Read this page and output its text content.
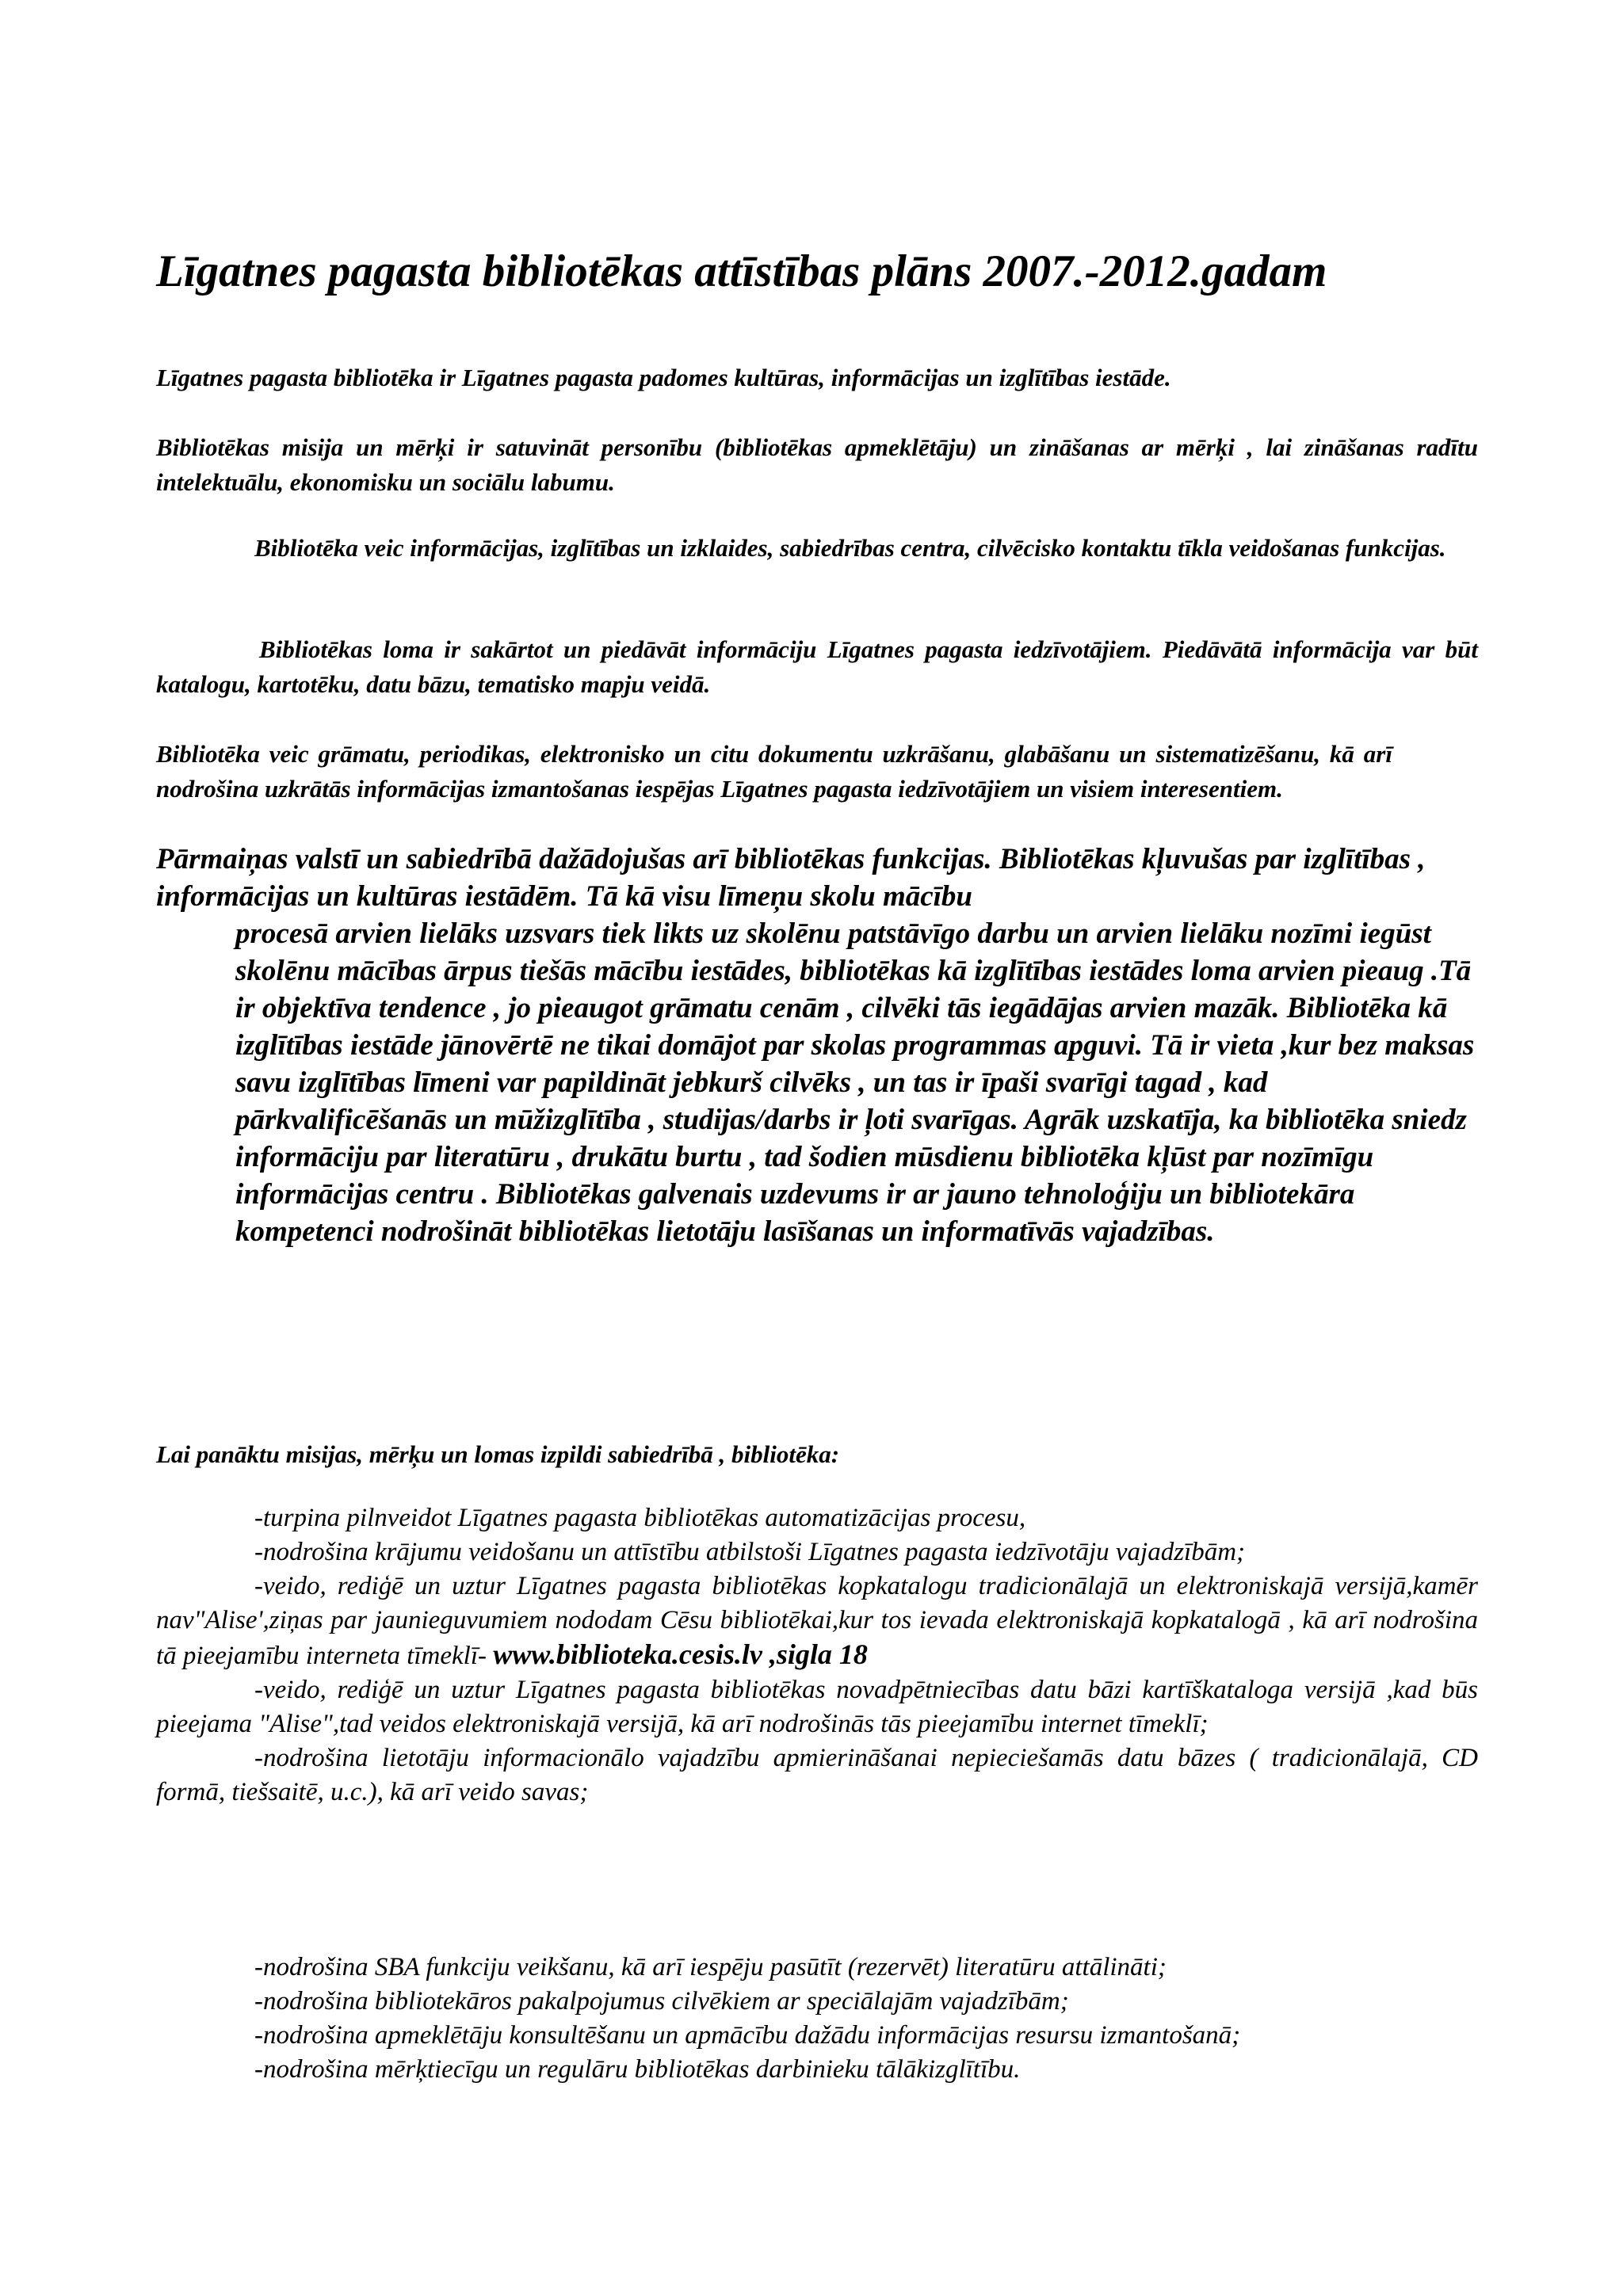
Līgatnes pagasta bibliotēkas attīstības plāns 2007.-2012.gadam
Līgatnes pagasta bibliotēka ir Līgatnes pagasta padomes kultūras, informācijas un izglītības iestāde.
Bibliotēkas misija un mērķi ir satuvināt personību (bibliotēkas apmeklētāju) un zināšanas ar mērķi , lai zināšanas radītu intelektuālu, ekonomisku un sociālu labumu.
Bibliotēka veic informācijas, izglītības un izklaides, sabiedrības centra, cilvēcisko kontaktu tīkla veidošanas funkcijas.
Bibliotēkas loma ir sakārtot un piedāvāt informāciju Līgatnes pagasta iedzīvotājiem. Piedāvātā informācija var būt katalogu, kartotēku, datu bāzu, tematisko mapju veidā.
Bibliotēka veic grāmatu, periodikas, elektronisko un citu dokumentu uzkrāšanu, glabāšanu un sistematizēšanu, kā arī nodrošina uzkrātās informācijas izmantošanas iespējas Līgatnes pagasta iedzīvotājiem un visiem interesentiem.
Pārmaiņas valstī un sabiedrībā dažādojušas arī bibliotēkas funkcijas. Bibliotēkas kļuvušas par izglītības , informācijas un kultūras iestādēm. Tā kā visu līmeņu skolu mācību
procesā arvien lielāks uzsvars tiek likts uz skolēnu patstāvīgo darbu un arvien lielāku nozīmi iegūst skolēnu mācības ārpus tiešās mācību iestādes, bibliotēkas kā izglītības iestādes loma arvien pieaug .Tā ir objektīva tendence , jo pieaugot grāmatu cenām , cilvēki tās iegādājas arvien mazāk. Bibliotēka kā izglītības iestāde jānovērtē ne tikai domājot par skolas programmas apguvi. Tā ir vieta ,kur bez maksas savu izglītības līmeni var papildināt jebkurš cilvēks , un tas ir īpaši svarīgi tagad , kad pārkvalificēšanās un mūžizglītība , studijas/darbs ir ļoti svarīgas. Agrāk uzskatīja, ka bibliotēka sniedz informāciju par literatūru , drukātu burtu , tad šodien mūsdienu bibliotēka kļūst par nozīmīgu informācijas centru . Bibliotēkas galvenais uzdevums ir ar jauno tehnoloģiju un bibliotekāra kompetenci nodrošināt bibliotēkas lietotāju lasīšanas un informatīvās vajadzības.
Lai panāktu misijas, mērķu un lomas izpildi sabiedrībā , bibliotēka:

-turpina pilnveidot Līgatnes pagasta bibliotēkas automatizācijas procesu,

-nodrošina krājumu veidošanu un attīstību atbilstoši Līgatnes pagasta iedzīvotāju vajadzībām;

-veido, rediģē un uztur Līgatnes pagasta bibliotēkas kopkatalogu tradicionālajā un elektroniskajā versijā,kamēr nav"Alise',ziņas par jaunieguvumiem nododam Cēsu bibliotēkai,kur tos ievada elektroniskajā kopkatalogā , kā arī nodrošina tā pieejamību interneta tīmeklī- www.biblioteka.cesis.lv ,sigla 18

-veido, rediģē un uztur Līgatnes pagasta bibliotēkas novadpētniecības datu bāzi kartīškataloga versijā ,kad būs pieejama "Alise",tad veidos elektroniskajā versijā, kā arī nodrošinās tās pieejamību internet tīmeklī;

-nodrošina lietotāju informacionālo vajadzību apmierināšanai nepieciešamās datu bāzes ( tradicionālajā, CD formā, tiešsaitē, u.c.), kā arī veido savas;

-nodrošina SBA funkciju veikšanu, kā arī iespēju pasūtīt (rezervēt) literatūru attālināti;

-nodrošina bibliotekāros pakalpojumus cilvēkiem ar speciālajām vajadzībām;

-nodrošina apmeklētāju konsultēšanu un apmācību dažādu informācijas resursu izmantošanā;

-nodrošina mērķtiecīgu un regulāru bibliotēkas darbinieku tālākizglītību.
